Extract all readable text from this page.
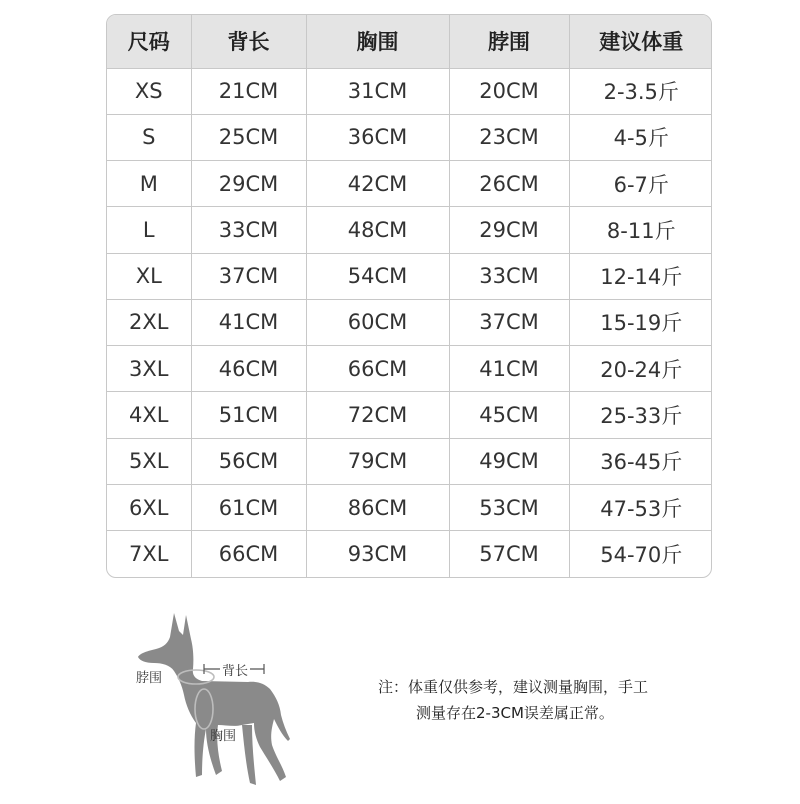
尺码	背长	胸围	脖围	建议体重
XS	21CM	31CM	20CM	2-3.5斤
S	25CM	36CM	23CM	4-5斤
M	29CM	42CM	26CM	6-7斤
L	33CM	48CM	29CM	8-11斤
XL	37CM	54CM	33CM	12-14斤
2XL	41CM	60CM	37CM	15-19斤
3XL	46CM	66CM	41CM	20-24斤
4XL	51CM	72CM	45CM	25-33斤
5XL	56CM	79CM	49CM	36-45斤
6XL	61CM	86CM	53CM	47-53斤
7XL	66CM	93CM	57CM	54-70斤
脖围	背长
胸围
注：体重仅供参考，建议测量胸围，手工
测量存在2-3CM误差属正常。
